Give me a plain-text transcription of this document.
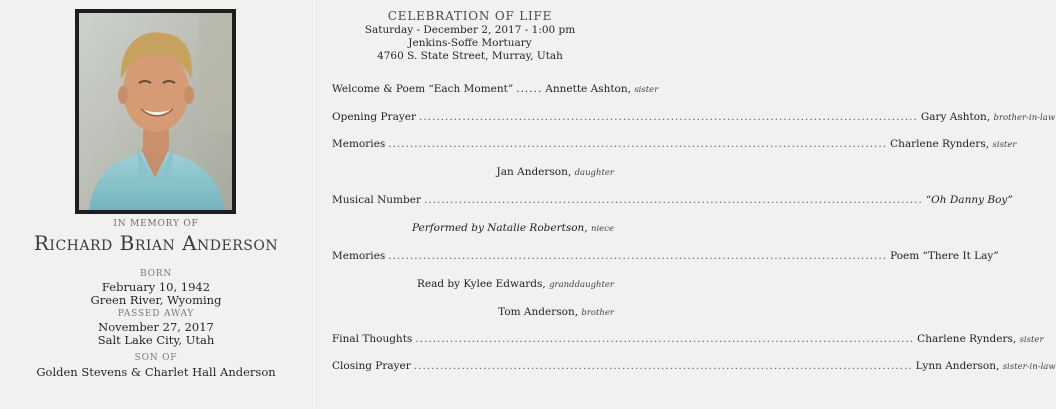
IN MEMORY OF
Richard Brian Anderson
BORN
February 10, 1942
Green River, Wyoming
PASSED AWAY
November 27, 2017
Salt Lake City, Utah
SON OF
Golden Stevens & Charlet Hall Anderson
CELEBRATION OF LIFE
Saturday - December 2, 2017 - 1:00 pm
Jenkins-Soffe Mortuary
4760 S. State Street, Murray, Utah
Welcome & Poem “Each Moment” ...... Annette Ashton, sister
Opening Prayer .....	Gary Ashton, brother-in-law
Memories .....	Charlene Rynders, sister
Jan Anderson, daughter
Musical Number .....	“Oh Danny Boy”
Performed by Natalie Robertson, niece
Memories .....	Poem “There It Lay”
Read by Kylee Edwards, granddaughter
Tom Anderson, brother
Final Thoughts .....	Charlene Rynders, sister
Closing Prayer .....	Lynn Anderson, sister-in-law
